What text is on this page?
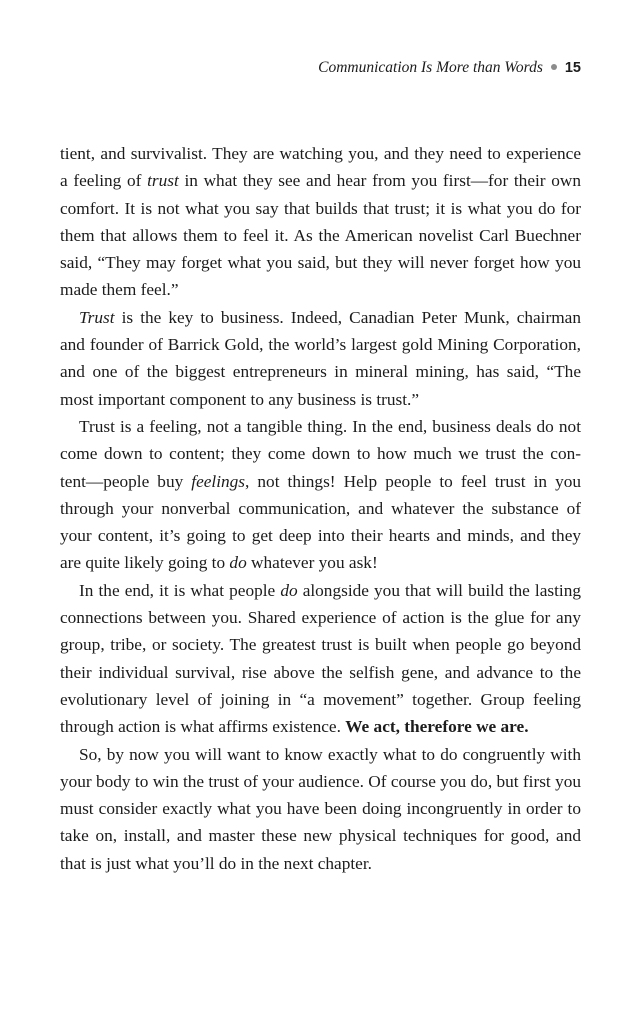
Communication Is More than Words 15
tient, and survivalist. They are watching you, and they need to experience
a feeling of trust in what they see and hear from you first—for their own
comfort. It is not what you say that builds that trust; it is what you do for
them that allows them to feel it. As the American novelist Carl Buechner
said, “They may forget what you said, but they will never forget how you
made them feel.”
Trust is the key to business. Indeed, Canadian Peter Munk, chairman
and founder of Barrick Gold, the world’s largest gold Mining Corporation,
and one of the biggest entrepreneurs in mineral mining, has said, “The
most important component to any business is trust.”
Trust is a feeling, not a tangible thing. In the end, business deals do not
come down to content; they come down to how much we trust the con-
tent—people buy feelings, not things! Help people to feel trust in you
through your nonverbal communication, and whatever the substance of
your content, it’s going to get deep into their hearts and minds, and they
are quite likely going to do whatever you ask!
In the end, it is what people do alongside you that will build the lasting
connections between you. Shared experience of action is the glue for any
group, tribe, or society. The greatest trust is built when people go beyond
their individual survival, rise above the selfish gene, and advance to the
evolutionary level of joining in “a movement” together. Group feeling
through action is what affirms existence. We act, therefore we are.
So, by now you will want to know exactly what to do congruently with
your body to win the trust of your audience. Of course you do, but first you
must consider exactly what you have been doing incongruently in order to
take on, install, and master these new physical techniques for good, and
that is just what you’ll do in the next chapter.
